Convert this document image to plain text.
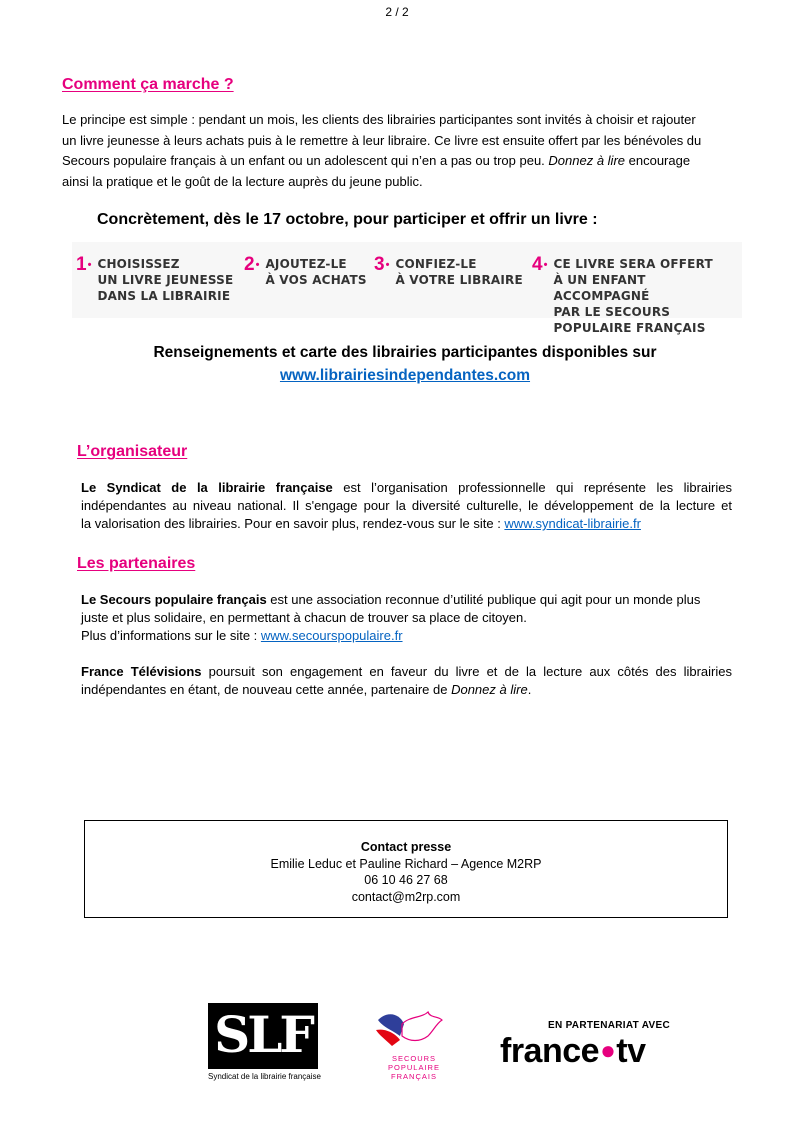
2 / 2
Comment ça marche ?
Le principe est simple : pendant un mois, les clients des librairies participantes sont invités à choisir et rajouter
un livre jeunesse à leurs achats puis à le remettre à leur libraire. Ce livre est ensuite offert par les bénévoles du
Secours populaire français à un enfant ou un adolescent qui n’en a pas ou trop peu. Donnez à lire encourage
ainsi la pratique et le goût de la lecture auprès du jeune public.
Concrètement, dès le 17 octobre, pour participer et offrir un livre :
1 • CHOISISSEZ
UN LIVRE JEUNESSE
DANS LA LIBRAIRIE
2 • AJOUTEZ-LE
À VOS ACHATS
3 • CONFIEZ-LE
À VOTRE LIBRAIRE
4 • CE LIVRE SERA OFFERT
À UN ENFANT ACCOMPAGNÉ
PAR LE SECOURS
POPULAIRE FRANÇAIS
Renseignements et carte des librairies participantes disponibles sur
www.librairiesindependantes.com
L’organisateur
Le Syndicat de la librairie française est l’organisation professionnelle qui représente les librairies
indépendantes au niveau national. Il s'engage pour la diversité culturelle, le développement de la lecture et
la valorisation des librairies. Pour en savoir plus, rendez-vous sur le site : www.syndicat-librairie.fr
Les partenaires
Le Secours populaire français est une association reconnue d’utilité publique qui agit pour un monde plus
juste et plus solidaire, en permettant à chacun de trouver sa place de citoyen.
Plus d’informations sur le site : www.secourspopulaire.fr
France Télévisions poursuit son engagement en faveur du livre et de la lecture aux côtés des librairies
indépendantes en étant, de nouveau cette année, partenaire de Donnez à lire.
Contact presse
Emilie Leduc et Pauline Richard – Agence M2RP
06 10 46 27 68
contact@m2rp.com
SLF
Syndicat de la librairie française
SECOURS POPULAIRE FRANÇAIS
EN PARTENARIAT AVEC
france●tv
